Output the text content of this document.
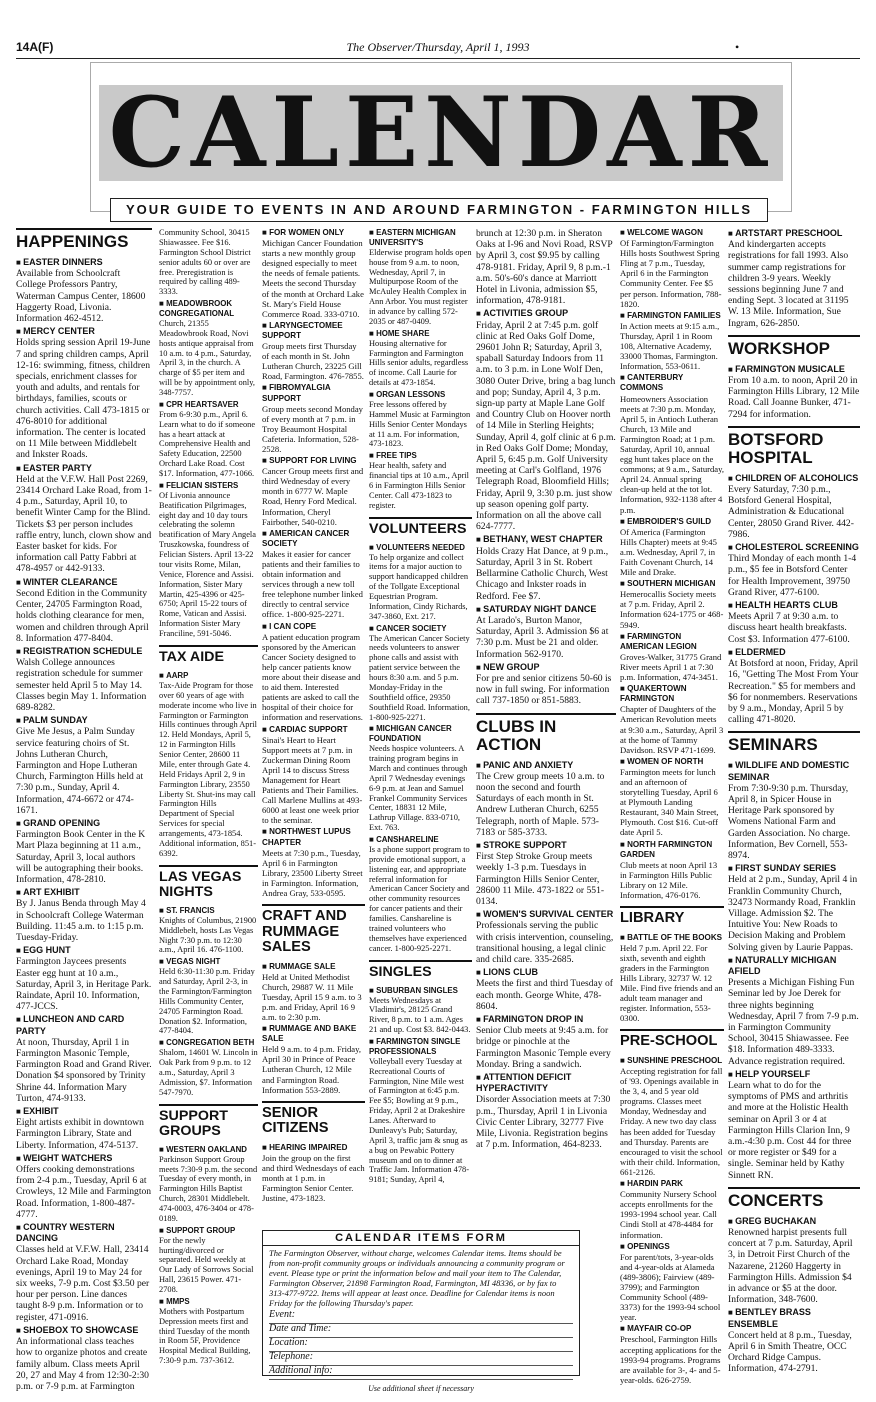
14A(F)	The Observer/Thursday, April 1, 1993	•
CALENDAR
YOUR GUIDE TO EVENTS IN AND AROUND FARMINGTON - FARMINGTON HILLS
HAPPENINGS
■ EASTER DINNERS
Available from Schoolcraft College Professors Pantry, Waterman Campus Center, 18600 Haggerty Road, Livonia. Information 462-4512.
■ MERCY CENTER
Holds spring session April 19-June 7 and spring children camps, April 12-16: swimming, fitness, children specials, enrichment classes for youth and adults, and rentals for birthdays, families, scouts or church activities. Call 473-1815 or 476-8010 for additional information. The center is located on 11 Mile between Middlebelt and Inkster Roads.
■ EASTER PARTY
Held at the V.F.W. Hall Post 2269, 23414 Orchard Lake Road, from 1-4 p.m., Saturday, April 10, to benefit Winter Camp for the Blind. Tickets $3 per person includes raffle entry, lunch, clown show and Easter basket for kids. For information call Patty Fabbri at 478-4957 or 442-9133.
■ WINTER CLEARANCE
Second Edition in the Community Center, 24705 Farmington Road, holds clothing clearance for men, women and children through April 8. Information 477-8404.
■ REGISTRATION SCHEDULE
Walsh College announces registration schedule for summer semester held April 5 to May 14. Classes begin May 1. Information 689-8282.
■ PALM SUNDAY
Give Me Jesus, a Palm Sunday service featuring choirs of St. Johns Lutheran Church, Farmington and Hope Lutheran Church, Farmington Hills held at 7:30 p.m., Sunday, April 4. Information, 474-6672 or 474-1671.
■ GRAND OPENING
Farmington Book Center in the K Mart Plaza beginning at 11 a.m., Saturday, April 3, local authors will be autographing their books. Information, 478-2810.
■ ART EXHIBIT
By J. Janus Benda through May 4 in Schoolcraft College Waterman Building. 11:45 a.m. to 1:15 p.m. Tuesday-Friday.
■ EGG HUNT
Farmington Jaycees presents Easter egg hunt at 10 a.m., Saturday, April 3, in Heritage Park. Raindate, April 10. Information, 477-JCCS.
■ LUNCHEON AND CARD PARTY
At noon, Thursday, April 1 in Farmington Masonic Temple, Farmington Road and Grand River. Donation $4 sponsored by Trinity Shrine 44. Information Mary Turton, 474-9133.
■ EXHIBIT
Eight artists exhibit in downtown Farmington Library, State and Liberty. Information, 474-5137.
■ WEIGHT WATCHERS
Offers cooking demonstrations from 2-4 p.m., Tuesday, April 6 at Crowleys, 12 Mile and Farmington Road. Information, 1-800-487-4777.
■ COUNTRY WESTERN DANCING
Classes held at V.F.W. Hall, 23414 Orchard Lake Road, Monday evenings, April 19 to May 24 for six weeks, 7-9 p.m. Cost $3.50 per hour per person. Line dances taught 8-9 p.m. Information or to register, 471-0916.
■ SHOEBOX TO SHOWCASE
An informational class teaches how to organize photos and create family album. Class meets April 20, 27 and May 4 from 12:30-2:30 p.m. or 7-9 p.m. at Farmington
Community School, 30415 Shiawassee. Fee $16. Farmington School District senior adults 60 or over are free. Preregistration is required by calling 489-3333.
■ MEADOWBROOK CONGREGATIONAL
Church, 21355 Meadowbrook Road, Novi hosts antique appraisal from 10 a.m. to 4 p.m., Saturday, April 3, in the church. A charge of $5 per item and will be by appointment only, 348-7757.
■ CPR HEARTSAVER
From 6-9:30 p.m., April 6. Learn what to do if someone has a heart attack at Comprehensive Health and Safety Education, 22500 Orchard Lake Road. Cost $17. Information, 477-1066.
■ FELICIAN SISTERS
Of Livonia announce Beatification Pilgrimages, eight day and 10 day tours celebrating the solemn beatification of Mary Angela Truszkowska, foundress of Felician Sisters. April 13-22 tour visits Rome, Milan, Venice, Florence and Assisi. Information, Sister Mary Martin, 425-4396 or 425-6750; April 15-22 tours of Rome, Vatican and Assisi. Information Sister Mary Franciline, 591-5046.
TAX AIDE
■ AARP
Tax-Aide Program for those over 60 years of age with moderate income who live in Farmington or Farmington Hills continues through April 12. Held Mondays, April 5, 12 in Farmington Hills Senior Center, 28600 11 Mile, enter through Gate 4. Held Fridays April 2, 9 in Farmington Library, 23550 Liberty St. Shut-ins may call Farmington Hills Department of Special Services for special arrangements, 473-1854. Additional information, 851-6392.
LAS VEGAS NIGHTS
■ ST. FRANCIS
Knights of Columbus, 21900 Middlebelt, hosts Las Vegas Night 7:30 p.m. to 12:30 a.m., April 16. 476-1100.
■ VEGAS NIGHT
Held 6:30-11:30 p.m. Friday and Saturday, April 2-3, in the Farmington/Farmington Hills Community Center, 24705 Farmington Road. Donation $2. Information, 477-8404.
■ CONGREGATION BETH
Shalom, 14601 W. Lincoln in Oak Park from 9 p.m. to 12 a.m., Saturday, April 3 Admission, $7. Information 547-7970.
SUPPORT GROUPS
■ WESTERN OAKLAND
Parkinson Support Group meets 7:30-9 p.m. the second Tuesday of every month, in Farmington Hills Baptist Church, 28301 Middlebelt. 474-0003, 476-3404 or 478-0189.
■ SUPPORT GROUP
For the newly hurting/divorced or separated. Held weekly at Our Lady of Sorrows Social Hall, 23615 Power. 471-2708.
■ MMPS
Mothers with Postpartum Depression meets first and third Tuesday of the month in Room 5F, Providence Hospital Medical Building, 7:30-9 p.m. 737-3612.
■ FOR WOMEN ONLY
Michigan Cancer Foundation starts a new monthly group designed especially to meet the needs of female patients. Meets the second Thursday of the month at Orchard Lake St. Mary's Field House Commerce Road. 333-0710.
■ LARYNGECTOMEE SUPPORT
Group meets first Thursday of each month in St. John Lutheran Church, 23225 Gill Road, Farmington. 476-7855.
■ FIBROMYALGIA SUPPORT
Group meets second Monday of every month at 7 p.m. in Troy Beaumont Hospital Cafeteria. Information, 528-2528.
■ SUPPORT FOR LIVING
Cancer Group meets first and third Wednesday of every month in 6777 W. Maple Road, Henry Ford Medical. Information, Cheryl Fairbother, 540-0210.
■ AMERICAN CANCER SOCIETY
Makes it easier for cancer patients and their families to obtain information and services through a new toll free telephone number linked directly to central service office. 1-800-925-2271.
■ I CAN COPE
A patient education program sponsored by the American Cancer Society designed to help cancer patients know more about their disease and to aid them. Interested patients are asked to call the hospital of their choice for information and reservations.
■ CARDIAC SUPPORT
Sinai's Heart to Heart Support meets at 7 p.m. in Zuckerman Dining Room April 14 to discuss Stress Management for Heart Patients and Their Families. Call Marlene Mullins at 493-6000 at least one week prior to the seminar.
■ NORTHWEST LUPUS CHAPTER
Meets at 7:30 p.m., Tuesday, April 6 in Farmington Library, 23500 Liberty Street in Farmington. Information, Andrea Gray, 533-0595.
CRAFT AND RUMMAGE SALES
■ RUMMAGE SALE
Held at United Methodist Church, 29887 W. 11 Mile Tuesday, April 15 9 a.m. to 3 p.m. and Friday, April 16 9 a.m. to 2:30 p.m.
■ RUMMAGE AND BAKE SALE
Held 9 a.m. to 4 p.m. Friday, April 30 in Prince of Peace Lutheran Church, 12 Mile and Farmington Road. Information 553-2889.
SENIOR CITIZENS
■ HEARING IMPAIRED
Join the group on the first and third Wednesdays of each month at 1 p.m. in Farmington Senior Center. Justine, 473-1823.
■ EASTERN MICHIGAN UNIVERSITY'S
Elderwise program holds open house from 9 a.m. to noon, Wednesday, April 7, in Multipurpose Room of the McAuley Health Complex in Ann Arbor. You must register in advance by calling 572-2035 or 487-0409.
■ HOME SHARE
Housing alternative for Farmington and Farmington Hills senior adults, regardless of income. Call Laurie for details at 473-1854.
■ ORGAN LESSONS
Free lessons offered by Hammel Music at Farmington Hills Senior Center Mondays at 11 a.m. For information, 473-1823.
■ FREE TIPS
Hear health, safety and financial tips at 10 a.m., April 6 in Farmington Hills Senior Center. Call 473-1823 to register.
VOLUNTEERS
■ VOLUNTEERS NEEDED
To help organize and collect items for a major auction to support handicapped children of the Tollgate Exceptional Equestrian Program. Information, Cindy Richards, 347-3860, Ext. 217.
■ CANCER SOCIETY
The American Cancer Society needs volunteers to answer phone calls and assist with patient service between the hours 8:30 a.m. and 5 p.m. Monday-Friday in the Southfield office, 29350 Southfield Road. Information, 1-800-925-2271.
■ MICHIGAN CANCER FOUNDATION
Needs hospice volunteers. A training program begins in March and continues through April 7 Wednesday evenings 6-9 p.m. at Jean and Samuel Frankel Community Services Center, 18831 12 Mile, Lathrup Village. 833-0710, Ext. 763.
■ CANSHARELINE
Is a phone support program to provide emotional support, a listening ear, and appropriate referral information for American Cancer Society and other community resources for cancer patients and their families. Canshareline is trained volunteers who themselves have experienced cancer. 1-800-925-2271.
SINGLES
■ SUBURBAN SINGLES
Meets Wednesdays at Vladimir's, 28125 Grand River, 8 p.m. to 1 a.m. Ages 21 and up. Cost $3. 842-0443.
■ FARMINGTON SINGLE PROFESSIONALS
Volleyball every Tuesday at Recreational Courts of Farmington, Nine Mile west of Farmington at 6:45 p.m. Fee $5; Bowling at 9 p.m., Friday, April 2 at Drakeshire Lanes. Afterward to Dunleavy's Pub; Saturday, April 3, traffic jam & snug as a bug on Pewabic Pottery museum and on to dinner at Traffic Jam. Information 478-9181; Sunday, April 4,
brunch at 12:30 p.m. in Sheraton Oaks at I-96 and Novi Road, RSVP by April 3, cost $9.95 by calling 478-9181. Friday, April 9, 8 p.m.-1 a.m. 50's-60's dance at Marriott Hotel in Livonia, admission $5, information, 478-9181.
■ ACTIVITIES GROUP
Friday, April 2 at 7:45 p.m. golf clinic at Red Oaks Golf Dome, 29601 John R; Saturday, April 3, spaball Saturday Indoors from 11 a.m. to 3 p.m. in Lone Wolf Den, 3080 Outer Drive, bring a bag lunch and pop; Sunday, April 4, 3 p.m. sign-up party at Maple Lane Golf and Country Club on Hoover north of 14 Mile in Sterling Heights; Sunday, April 4, golf clinic at 6 p.m. in Red Oaks Golf Dome; Monday, April 5, 6:45 p.m. Golf University meeting at Carl's Golfland, 1976 Telegraph Road, Bloomfield Hills; Friday, April 9, 3:30 p.m. just show up season opening golf party. Information on all the above call 624-7777.
■ BETHANY, WEST CHAPTER
Holds Crazy Hat Dance, at 9 p.m., Saturday, April 3 in St. Robert Bellarmine Catholic Church, West Chicago and Inkster roads in Redford. Fee $7.
■ SATURDAY NIGHT DANCE
At Larado's, Burton Manor, Saturday, April 3. Admission $6 at 7:30 p.m. Must be 21 and older. Information 562-9170.
■ NEW GROUP
For pre and senior citizens 50-60 is now in full swing. For information call 737-1850 or 851-5883.
CLUBS IN ACTION
■ PANIC AND ANXIETY
The Crew group meets 10 a.m. to noon the second and fourth Saturdays of each month in St. Andrew Lutheran Church, 6255 Telegraph, north of Maple. 573-7183 or 585-3733.
■ STROKE SUPPORT
First Step Stroke Group meets weekly 1-3 p.m. Tuesdays in Farmington Hills Senior Center, 28600 11 Mile. 473-1822 or 551-0134.
■ WOMEN'S SURVIVAL CENTER
Professionals serving the public with crisis intervention, counseling, transitional housing, a legal clinic and child care. 335-2685.
■ LIONS CLUB
Meets the first and third Tuesday of each month. George White, 478-8604.
■ FARMINGTON DROP IN
Senior Club meets at 9:45 a.m. for bridge or pinochle at the Farmington Masonic Temple every Monday. Bring a sandwich.
■ ATTENTION DEFICIT HYPERACTIVITY
Disorder Association meets at 7:30 p.m., Thursday, April 1 in Livonia Civic Center Library, 32777 Five Mile, Livonia. Registration begins at 7 p.m. Information, 464-8233.
■ WELCOME WAGON
Of Farmington/Farmington Hills hosts Southwest Spring Fling at 7 p.m., Tuesday, April 6 in the Farmington Community Center. Fee $5 per person. Information, 788-1820.
■ FARMINGTON FAMILIES
In Action meets at 9:15 a.m., Thursday, April 1 in Room 108, Alternative Academy, 33000 Thomas, Farmington. Information, 553-0611.
■ CANTERBURY COMMONS
Homeowners Association meets at 7:30 p.m. Monday, April 5, in Antioch Lutheran Church, 13 Mile and Farmington Road; at 1 p.m. Saturday, April 10, annual egg hunt takes place on the commons; at 9 a.m., Saturday, April 24. Annual spring clean-up held at the tot lot. Information, 932-1138 after 4 p.m.
■ EMBROIDER'S GUILD
Of America (Farmington Hills Chapter) meets at 9:45 a.m. Wednesday, April 7, in Faith Covenant Church, 14 Mile and Drake.
■ SOUTHERN MICHIGAN
Hemerocallis Society meets at 7 p.m. Friday, April 2. Information 624-1775 or 468-5949.
■ FARMINGTON AMERICAN LEGION
Groves-Walker, 31775 Grand River meets April 1 at 7:30 p.m. Information, 474-3451.
■ QUAKERTOWN FARMINGTON
Chapter of Daughters of the American Revolution meets at 9:30 a.m., Saturday, April 3 at the home of Tammy Davidson. RSVP 471-1699.
■ WOMEN OF NORTH
Farmington meets for lunch and an afternoon of storytelling Tuesday, April 6 at Plymouth Landing Restaurant, 340 Main Street, Plymouth. Cost $16. Cut-off date April 5.
■ NORTH FARMINGTON GARDEN
Club meets at noon April 13 in Farmington Hills Public Library on 12 Mile. Information, 476-0176.
LIBRARY
■ BATTLE OF THE BOOKS
Held 7 p.m. April 22. For sixth, seventh and eighth graders in the Farmington Hills Library, 32737 W. 12 Mile. Find five friends and an adult team manager and register. Information, 553-0300.
PRE-SCHOOL
■ SUNSHINE PRESCHOOL
Accepting registration for fall of '93. Openings available in the 3, 4, and 5 year old programs. Classes meet Monday, Wednesday and Friday. A new two day class has been added for Tuesday and Thursday. Parents are encouraged to visit the school with their child. Information, 661-2126.
■ HARDIN PARK
Community Nursery School accepts enrollments for the 1993-1994 school year. Call Cindi Stoll at 478-4484 for information.
■ OPENINGS
For parent/tots, 3-year-olds and 4-year-olds at Alameda (489-3806); Fairview (489-3799); and Farmington Community School (489-3373) for the 1993-94 school year.
■ MAYFAIR CO-OP
Preschool, Farmington Hills accepting applications for the 1993-94 programs. Programs are available for 3-, 4- and 5-year-olds. 626-2759.
■ ARTSTART PRESCHOOL
And kindergarten accepts registrations for fall 1993. Also summer camp registrations for children 3-9 years. Weekly sessions beginning June 7 and ending Sept. 3 located at 31195 W. 13 Mile. Information, Sue Ingram, 626-2850.
WORKSHOP
■ FARMINGTON MUSICALE
From 10 a.m. to noon, April 20 in Farmington Hills Library, 12 Mile Road. Call Joanne Bunker, 471-7294 for information.
BOTSFORD HOSPITAL
■ CHILDREN OF ALCOHOLICS
Every Saturday, 7:30 p.m., Botsford General Hospital, Administration & Educational Center, 28050 Grand River. 442-7986.
■ CHOLESTEROL SCREENING
Third Monday of each month 1-4 p.m., $5 fee in Botsford Center for Health Improvement, 39750 Grand River, 477-6100.
■ HEALTH HEARTS CLUB
Meets April 7 at 9:30 a.m. to discuss heart health breakfasts. Cost $3. Information 477-6100.
■ ELDERMED
At Botsford at noon, Friday, April 16, "Getting The Most From Your Recreation." $5 for members and $6 for nonmembers. Reservations by 9 a.m., Monday, April 5 by calling 471-8020.
SEMINARS
■ WILDLIFE AND DOMESTIC SEMINAR
From 7:30-9:30 p.m. Thursday, April 8, in Spicer House in Heritage Park sponsored by Womens National Farm and Garden Association. No charge. Information, Bev Cornell, 553-8974.
■ FIRST SUNDAY SERIES
Held at 2 p.m., Sunday, April 4 in Franklin Community Church, 32473 Normandy Road, Franklin Village. Admission $2. The Intuitive You: New Roads to Decision Making and Problem Solving given by Laurie Pappas.
■ NATURALLY MICHIGAN AFIELD
Presents a Michigan Fishing Fun Seminar led by Joe Derek for three nights beginning Wednesday, April 7 from 7-9 p.m. in Farmington Community School, 30415 Shiawassee. Fee $18. Information 489-3333. Advance registration required.
■ HELP YOURSELF
Learn what to do for the symptoms of PMS and arthritis and more at the Holistic Health seminar on April 3 or 4 at Farmington Hills Clarion Inn, 9 a.m.-4:30 p.m. Cost 44 for three or more register or $49 for a single. Seminar held by Kathy Sinnett RN.
CONCERTS
■ GREG BUCHAKAN
Renowned harpist presents full concert at 7 p.m. Saturday, April 3, in Detroit First Church of the Nazarene, 21260 Haggerty in Farmington Hills. Admission $4 in advance or $5 at the door. Information, 348-7600.
■ BENTLEY BRASS ENSEMBLE
Concert held at 8 p.m., Tuesday, April 6 in Smith Theatre, OCC Orchard Ridge Campus. Information, 474-2791.
CALENDAR ITEMS FORM
The Farmington Observer, without charge, welcomes Calendar items. Items should be from non-profit community groups or individuals announcing a community program or event. Please type or print the information below and mail your item to The Calendar, Farmington Observer, 21898 Farmington Road, Farmington, MI 48336, or by fax to 313-477-9722. Items will appear at least once. Deadline for Calendar items is noon Friday for the following Thursday's paper.
Event:
Date and Time:
Location:
Telephone:
Additional info:
Use additional sheet if necessary
